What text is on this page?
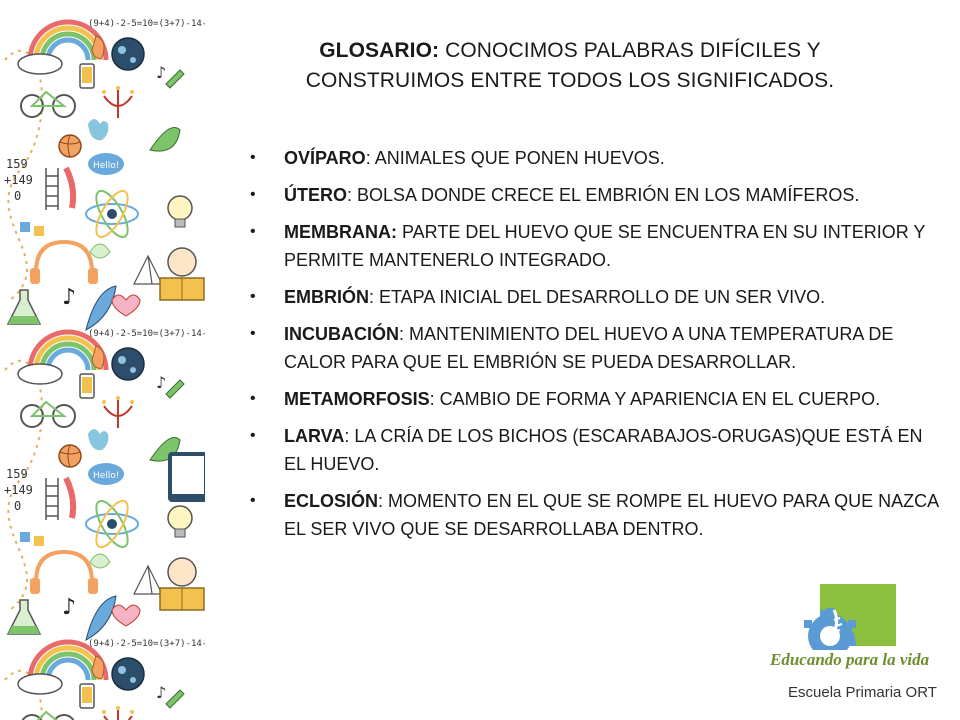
GLOSARIO: CONOCIMOS PALABRAS DIFÍCILES Y
CONSTRUIMOS ENTRE TODOS LOS SIGNIFICADOS.
• OVÍPARO: ANIMALES QUE PONEN HUEVOS.
• ÚTERO: BOLSA DONDE CRECE EL EMBRIÓN EN LOS MAMÍFEROS.
• MEMBRANA: PARTE DEL HUEVO QUE SE ENCUENTRA EN SU INTERIOR Y PERMITE MANTENERLO INTEGRADO.
• EMBRIÓN: ETAPA INICIAL DEL DESARROLLO DE UN SER VIVO.
• INCUBACIÓN: MANTENIMIENTO DEL HUEVO A UNA TEMPERATURA DE CALOR PARA QUE EL EMBRIÓN SE PUEDA DESARROLLAR.
• METAMORFOSIS: CAMBIO DE FORMA Y APARIENCIA EN EL CUERPO.
• LARVA: LA CRÍA DE LOS BICHOS (ESCARABAJOS-ORUGAS)QUE ESTÁ EN EL HUEVO.
• ECLOSIÓN: MOMENTO EN EL QUE SE ROMPE EL HUEVO PARA QUE NAZCA EL SER VIVO QUE SE DESARROLLABA DENTRO.
Educando para la vida
Escuela Primaria ORT
